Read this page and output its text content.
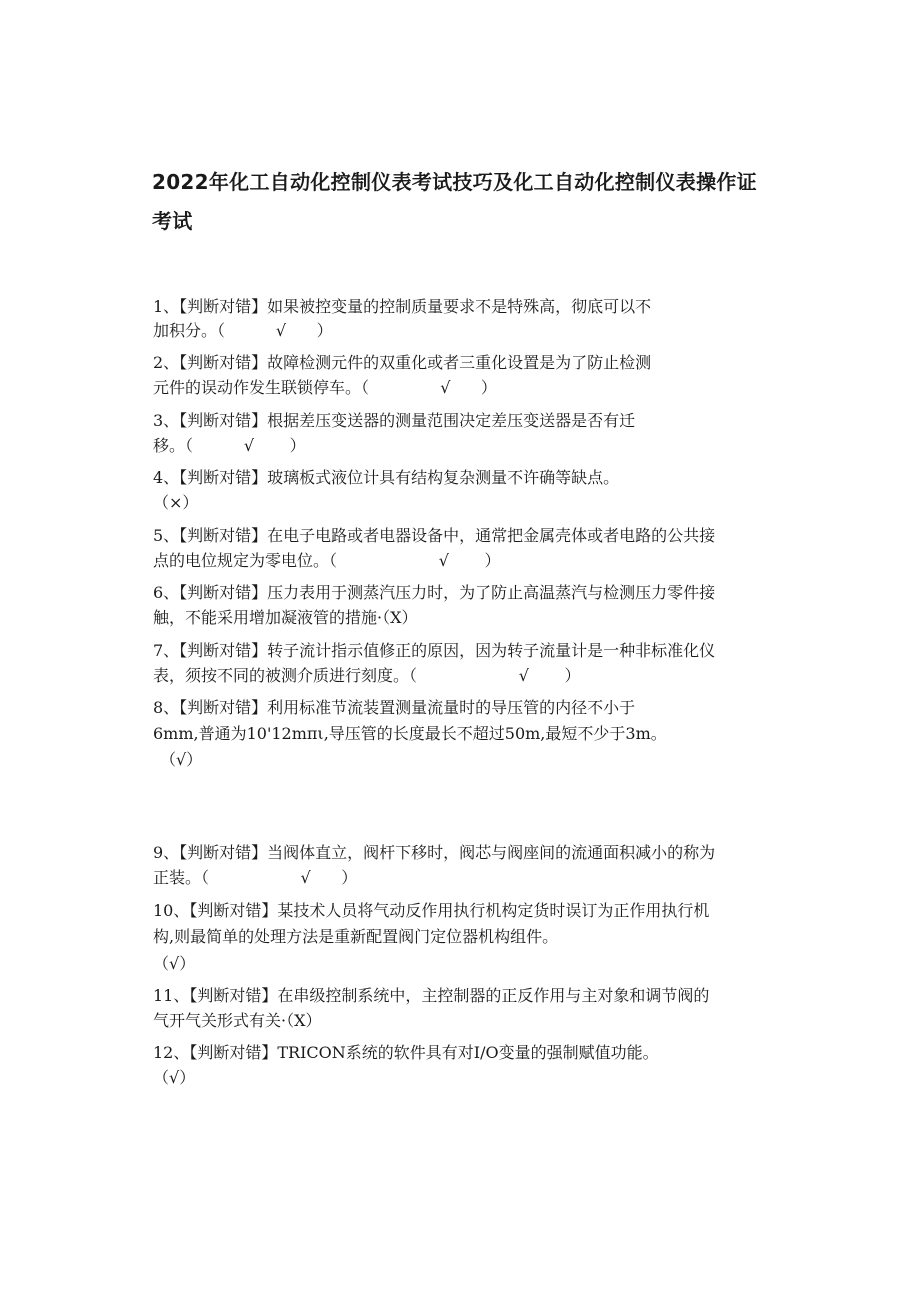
2022年化工自动化控制仪表考试技巧及化工自动化控制仪表操作证
考试
1、【判断对错】如果被控变量的控制质量要求不是特殊高，彻底可以不
加积分。（          √      ）
2、【判断对错】故障检测元件的双重化或者三重化设置是为了防止检测
元件的误动作发生联锁停车。（              √      ）
3、【判断对错】根据差压变送器的测量范围决定差压变送器是否有迁
移。（          √       ）
4、【判断对错】玻璃板式液位计具有结构复杂测量不许确等缺点。
（×）
5、【判断对错】在电子电路或者电器设备中，通常把金属壳体或者电路的公共接
点的电位规定为零电位。（                    √       ）
6、【判断对错】压力表用于测蒸汽压力时，为了防止高温蒸汽与检测压力零件接
触，不能采用增加凝液管的措施·（X）
7、【判断对错】转子流计指示值修正的原因，因为转子流量计是一种非标准化仪
表，须按不同的被测介质进行刻度。（                    √       ）
8、【判断对错】利用标准节流装置测量流量时的导压管的内径不小于
6mm,普通为10'12mπι,导压管的长度最长不超过50m,最短不少于3m。
（√）
9、【判断对错】当阀体直立，阀杆下移时，阀芯与阀座间的流通面积减小的称为
正装。（                  √      ）
10、【判断对错】某技术人员将气动反作用执行机构定货时误订为正作用执行机
构,则最简单的处理方法是重新配置阀门定位器机构组件。
（√）
11、【判断对错】在串级控制系统中，主控制器的正反作用与主对象和调节阀的
气开气关形式有关·（X）
12、【判断对错】TRICON系统的软件具有对I/O变量的强制赋值功能。
（√）
